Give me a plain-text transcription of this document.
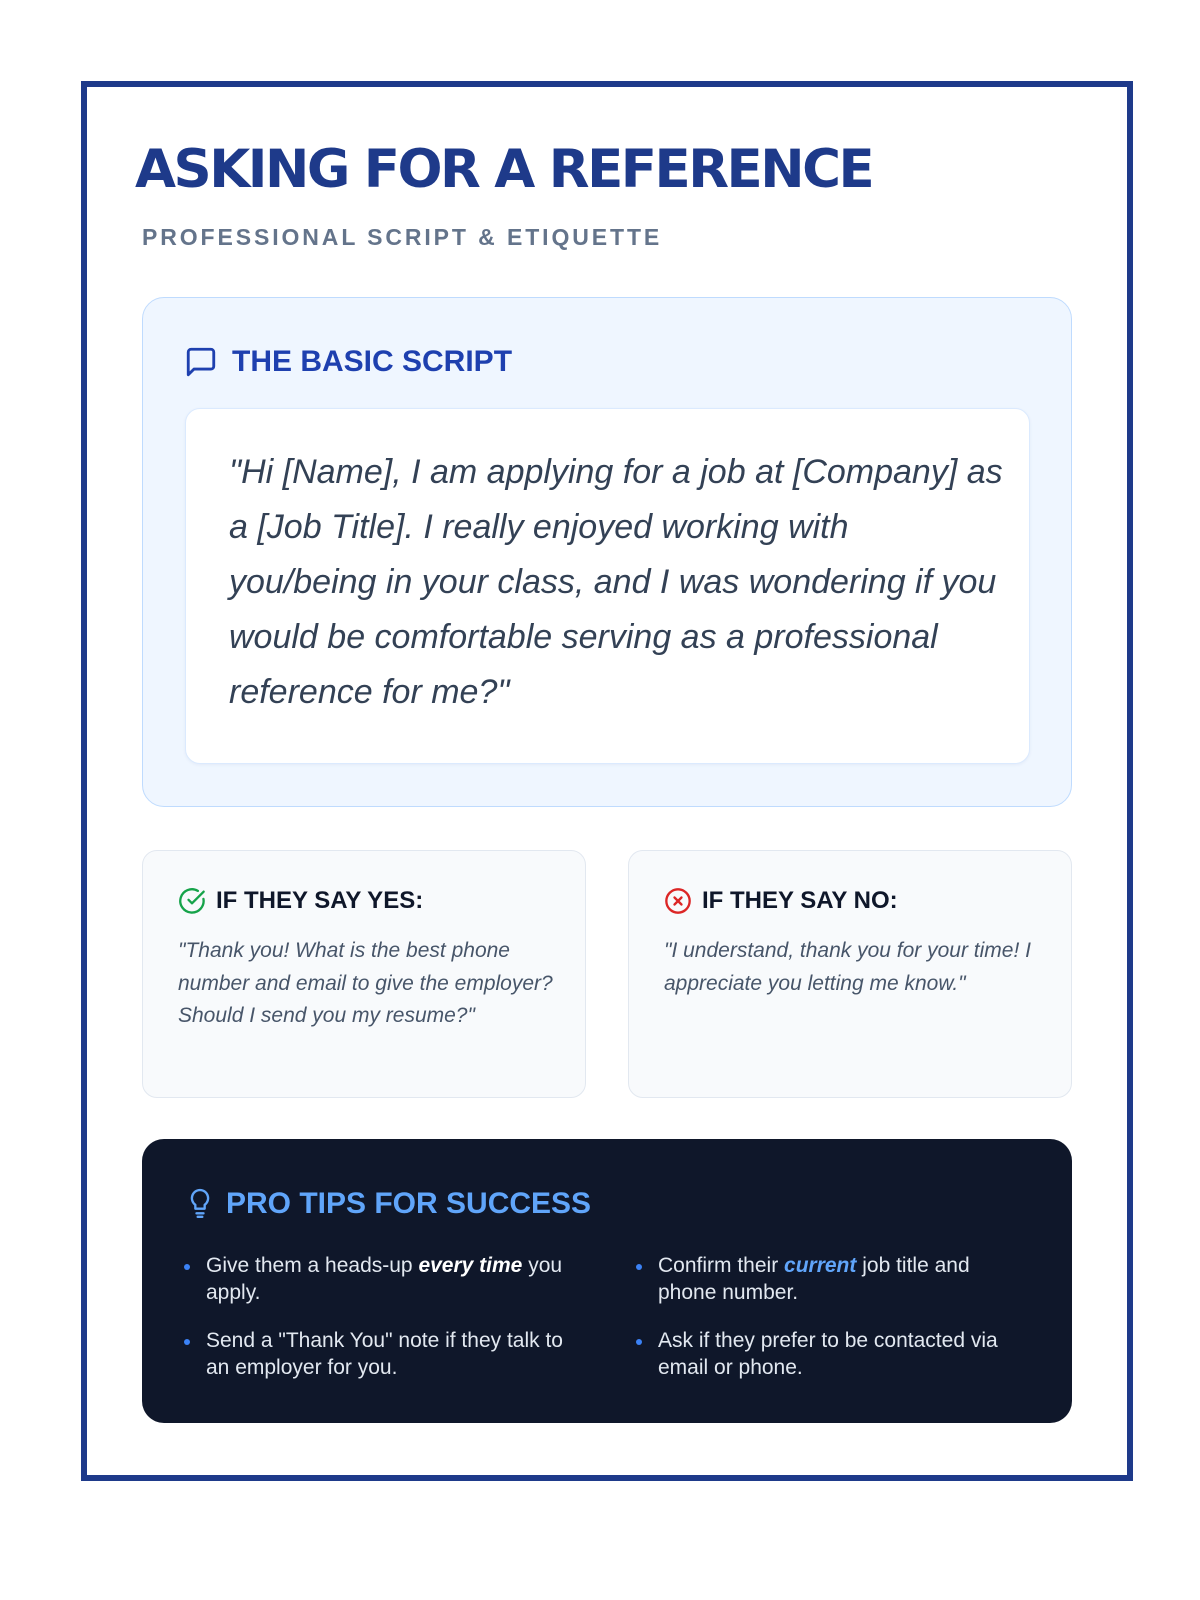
ASKING FOR A REFERENCE
PROFESSIONAL SCRIPT & ETIQUETTE
THE BASIC SCRIPT

"Hi [Name], I am applying for a job at [Company] as a [Job Title]. I really enjoyed working with you/being in your class, and I was wondering if you would be comfortable serving as a professional reference for me?"

IF THEY SAY YES:

"Thank you! What is the best phone number and email to give the employer? Should I send you my resume?"

IF THEY SAY NO:

"I understand, thank you for your time! I appreciate you letting me know."

PRO TIPS FOR SUCCESS
Give them a heads-up every time you apply.
Send a "Thank You" note if they talk to an employer for you.
Confirm their current job title and phone number.
Ask if they prefer to be contacted via email or phone.
